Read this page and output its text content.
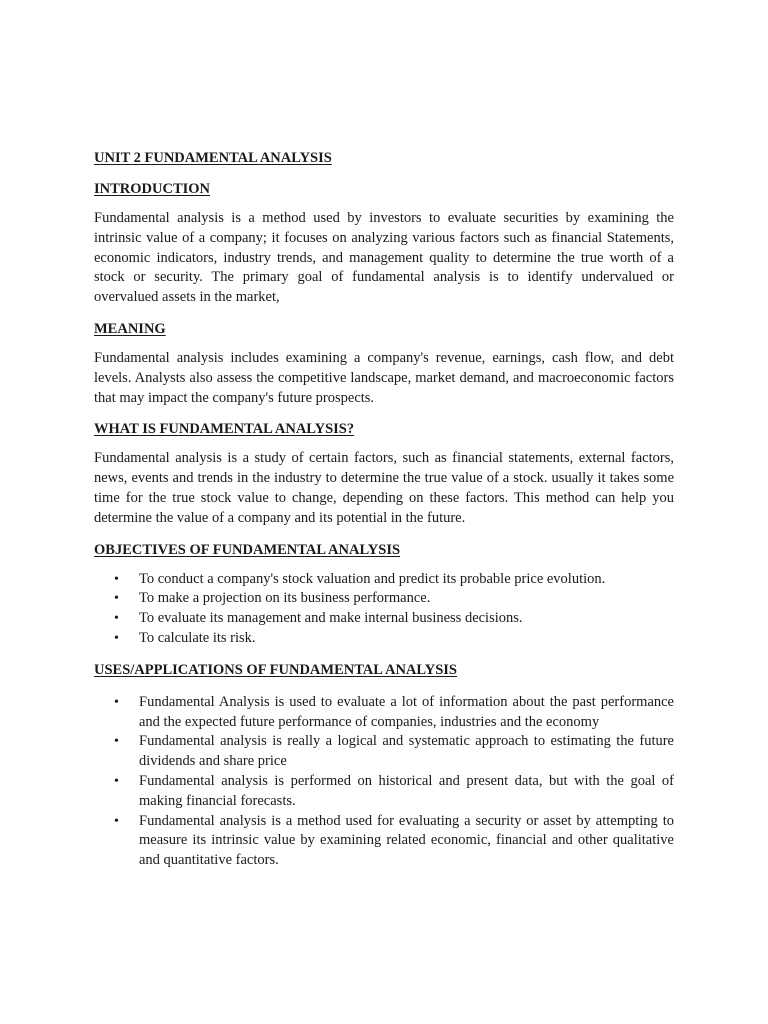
UNIT 2 FUNDAMENTAL ANALYSIS

INTRODUCTION

Fundamental analysis is a method used by investors to evaluate securities by examining the intrinsic value of a company; it focuses on analyzing various factors such as financial Statements, economic indicators, industry trends, and management quality to determine the true worth of a stock or security. The primary goal of fundamental analysis is to identify undervalued or overvalued assets in the market,

MEANING

Fundamental analysis includes examining a company's revenue, earnings, cash flow, and debt levels. Analysts also assess the competitive landscape, market demand, and macroeconomic factors that may impact the company's future prospects.

WHAT IS FUNDAMENTAL ANALYSIS?

Fundamental analysis is a study of certain factors, such as financial statements, external factors, news, events and trends in the industry to determine the true value of a stock. usually it takes some time for the true stock value to change, depending on these factors. This method can help you determine the value of a company and its potential in the future.

OBJECTIVES OF FUNDAMENTAL ANALYSIS

• To conduct a company's stock valuation and predict its probable price evolution.
• To make a projection on its business performance.
• To evaluate its management and make internal business decisions.
• To calculate its risk.

USES/APPLICATIONS OF FUNDAMENTAL ANALYSIS

• Fundamental Analysis is used to evaluate a lot of information about the past performance and the expected future performance of companies, industries and the economy
• Fundamental analysis is really a logical and systematic approach to estimating the future dividends and share price
• Fundamental analysis is performed on historical and present data, but with the goal of making financial forecasts.
• Fundamental analysis is a method used for evaluating a security or asset by attempting to measure its intrinsic value by examining related economic, financial and other qualitative and quantitative factors.
